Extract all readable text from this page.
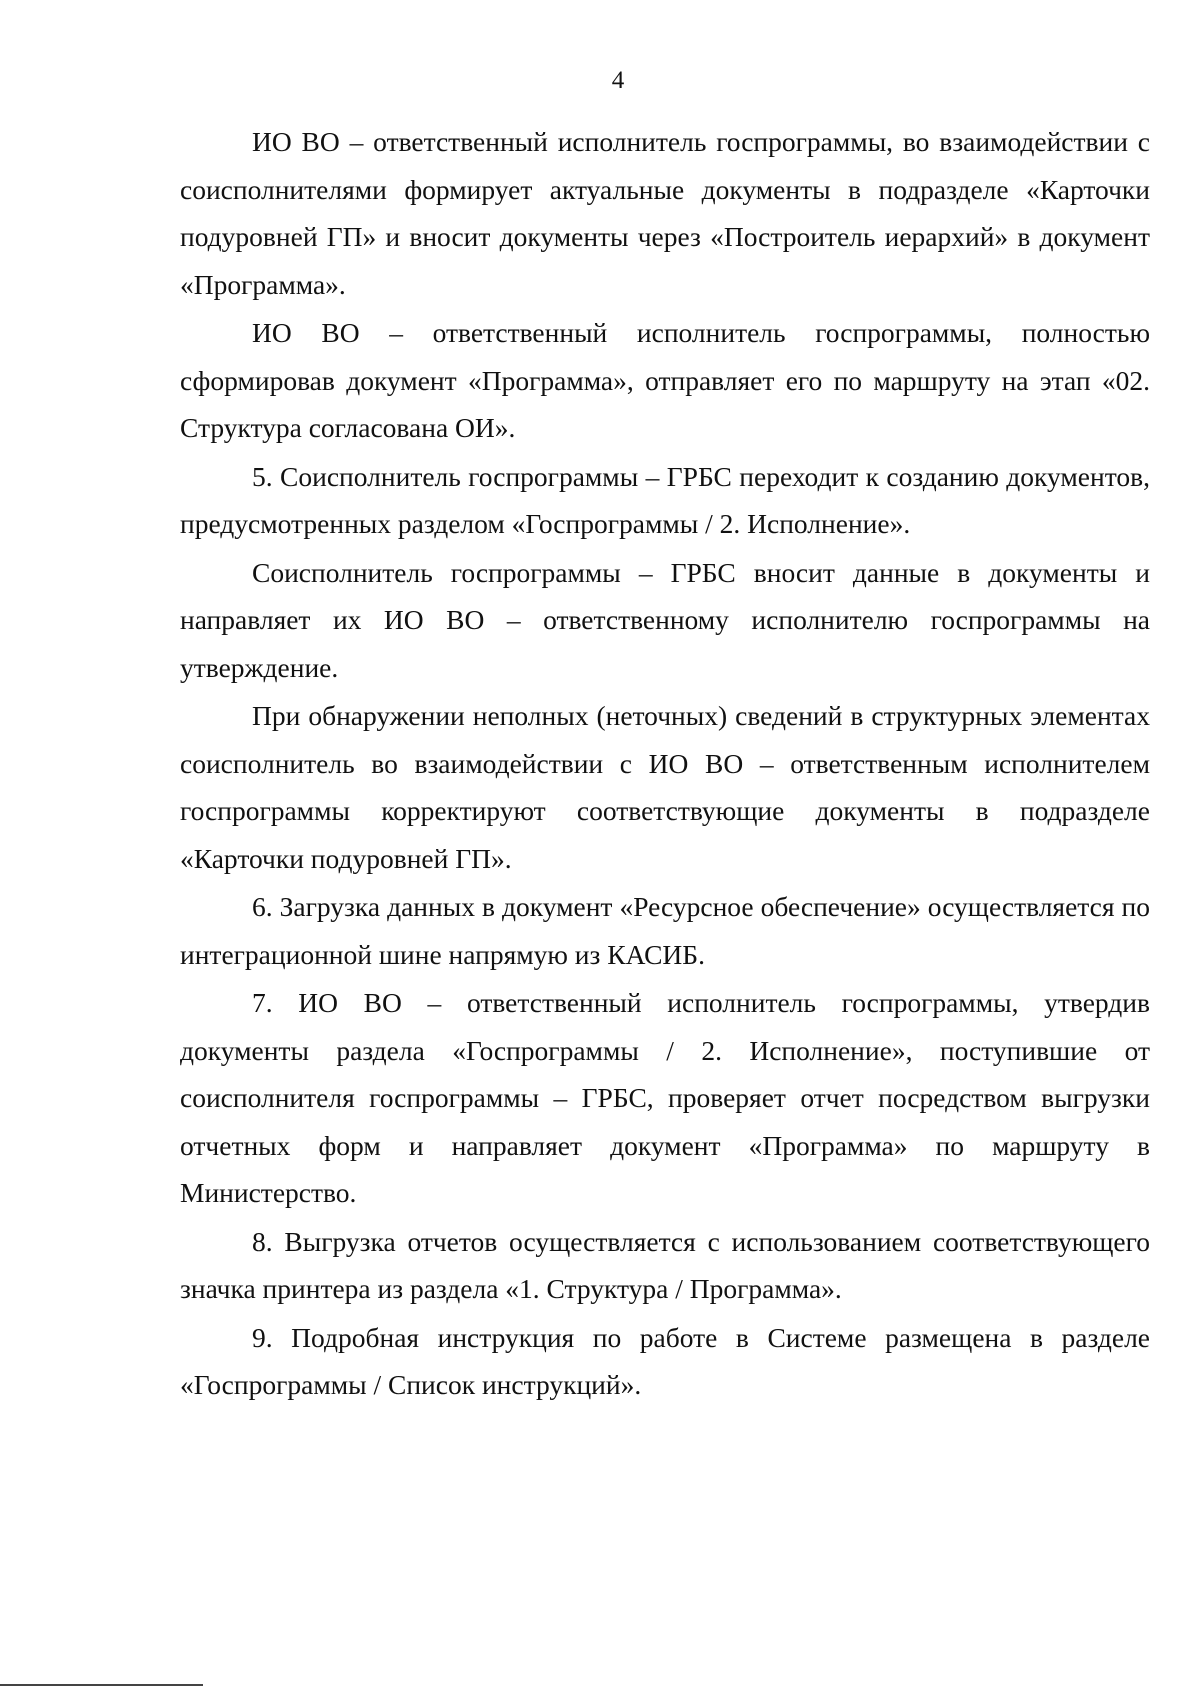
4

ИО ВО – ответственный исполнитель госпрограммы, во взаимодействии с соисполнителями формирует актуальные документы в подразделе «Карточки подуровней ГП» и вносит документы через «Построитель иерархий» в документ «Программа».

ИО ВО – ответственный исполнитель госпрограммы, полностью сформировав документ «Программа», отправляет его по маршруту на этап «02. Структура согласована ОИ».

5. Соисполнитель госпрограммы – ГРБС переходит к созданию документов, предусмотренных разделом «Госпрограммы / 2. Исполнение».

Соисполнитель госпрограммы – ГРБС вносит данные в документы и направляет их ИО ВО – ответственному исполнителю госпрограммы на утверждение.

При обнаружении неполных (неточных) сведений в структурных элементах соисполнитель во взаимодействии с ИО ВО – ответственным исполнителем госпрограммы корректируют соответствующие документы в подразделе «Карточки подуровней ГП».

6. Загрузка данных в документ «Ресурсное обеспечение» осуществляется по интеграционной шине напрямую из КАСИБ.

7. ИО ВО – ответственный исполнитель госпрограммы, утвердив документы раздела «Госпрограммы / 2. Исполнение», поступившие от соисполнителя госпрограммы – ГРБС, проверяет отчет посредством выгрузки отчетных форм и направляет документ «Программа» по маршруту в Министерство.

8. Выгрузка отчетов осуществляется с использованием соответствующего значка принтера из раздела «1. Структура / Программа».

9. Подробная инструкция по работе в Системе размещена в разделе «Госпрограммы / Список инструкций».
